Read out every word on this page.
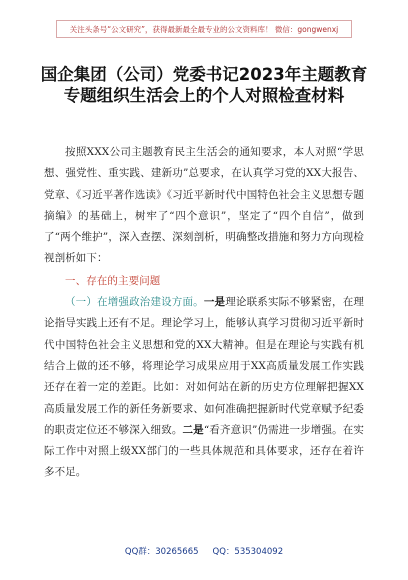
关注头条号“公文研究”，获得最新最全最专业的公文资料库！ 微信：gongwenxj
国企集团（公司）党委书记2023年主题教育专题组织生活会上的个人对照检查材料

按照XXX公司主题教育民主生活会的通知要求，本人对照“学思想、强党性、重实践、建新功”总要求，在认真学习党的XX大报告、党章、《习近平著作选读》《习近平新时代中国特色社会主义思想专题摘编》的基础上，树牢了“四个意识”，坚定了“四个自信”，做到了“两个维护”，深入查摆、深刻剖析，明确整改措施和努力方向现检视剖析如下：

一、存在的主要问题

（一）在增强政治建设方面。一是理论联系实际不够紧密，在理论指导实践上还有不足。理论学习上，能够认真学习贯彻习近平新时代中国特色社会主义思想和党的XX大精神。但是在理论与实践有机结合上做的还不够，将理论学习成果应用于XX高质量发展工作实践还存在着一定的差距。比如：对如何站在新的历史方位理解把握XX高质量发展工作的新任务新要求、如何准确把握新时代党章赋予纪委的职责定位还不够深入细致。二是“看齐意识”仍需进一步增强。在实际工作中对照上级XX部门的一些具体规范和具体要求，还存在着许多不足。

QQ群：30265665 QQ：535304092
